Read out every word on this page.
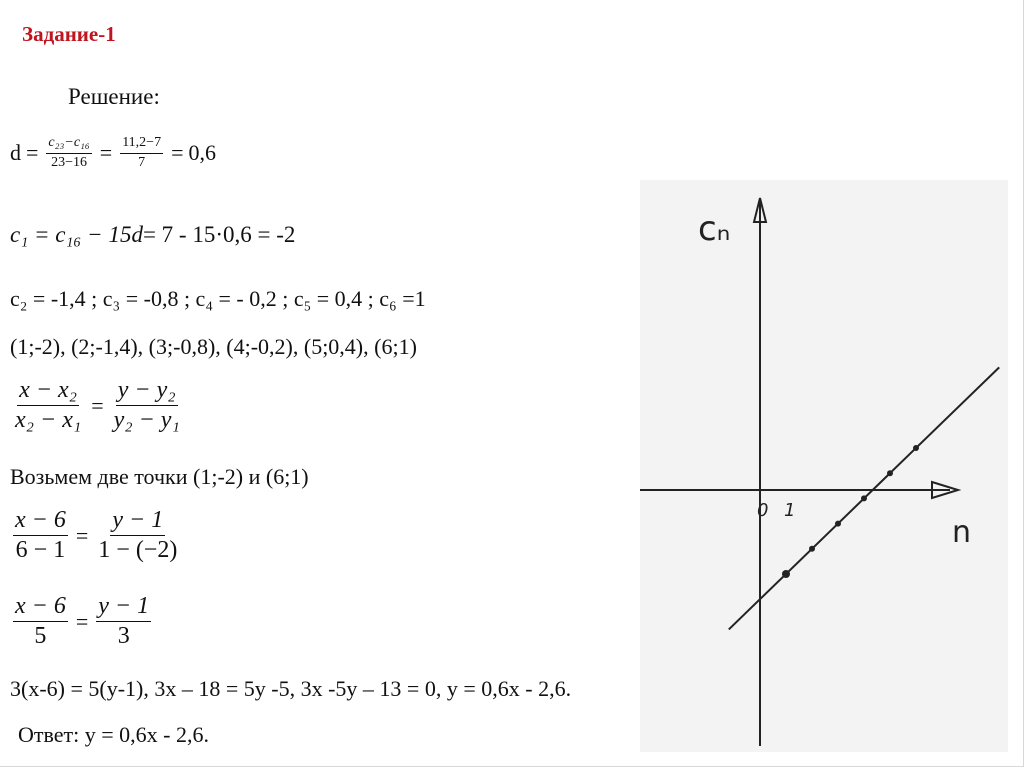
Задание-1
Решение:
$d = \frac{\text{c₂₃−c₁₆}}{23-16} = \frac{11,2-7}{7} = 0,6$
c₁ = c₁₆ − 15d = 7 - 15·0,6 = -2
c₂ = -1,4 ; c₃ = -0,8 ; c₄ = - 0,2 ; c₅ = 0,4 ; c₆ =1
(1;-2), (2;-1,4), (3;-0,8), (4;-0,2), (5;0,4), (6;1)
$\frac{\text{x − x₂}}{\text{x₂ − x₁}} = \frac{\text{y − y₂}}{\text{y₂ − y₁}}$
Возьмем две точки (1;-2) и (6;1)
$\frac{x - 6}{6 - 1} = \frac{y - 1}{1 - (-2)}$
$\frac{x - 6}{5} = \frac{y - 1}{3}$
3(x-6) = 5(y-1), 3x – 18 = 5y -5, 3x -5y – 13 = 0, y = 0,6x - 2,6.
Ответ: y = 0,6x - 2,6.
cₙ
n
0 1
